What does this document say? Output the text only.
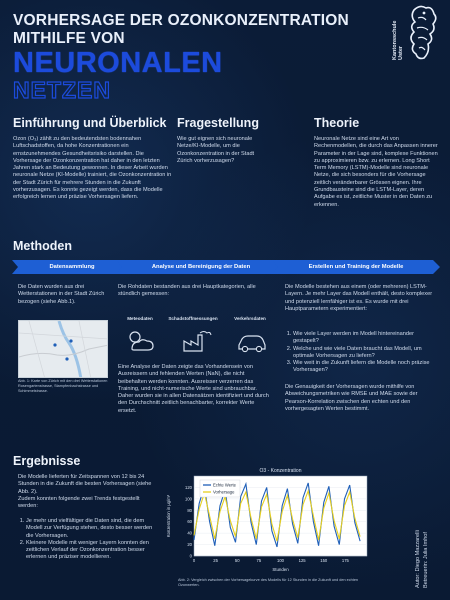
VORHERSAGE DER OZONKONZENTRATION
MITHILFE VON
NEURONALEN
NETZEN
Kantonsschule Uster
Einführung und Überblick
Ozon (O₃) zählt zu den bedeutendsten bodennahen Luftschadstoffen, da hohe Konzentrationen ein ernstzunehmendes Gesundheitsrisiko darstellen. Die Vorhersage der Ozonkonzentration hat daher in den letzten Jahren stark an Bedeutung gewonnen. In dieser Arbeit wurden neuronale Netze (KI-Modelle) trainiert, die Ozonkonzentration in der Stadt Zürich für mehrere Stunden in die Zukunft vorherzusagen. Es konnte gezeigt werden, dass die Modelle erfolgreich lernen und präzise Vorhersagen liefern.
Fragestellung
Wie gut eignen sich neuronale Netze/KI-Modelle, um die Ozonkonzentration in der Stadt Zürich vorherzusagen?
Theorie
Neuronale Netze sind eine Art von Rechenmodellen, die durch das Anpassen innerer Parameter in der Lage sind, komplexe Funktionen zu approximieren bzw. zu erlernen. Long Short Term Memory (LSTM)-Modelle sind neuronale Netze, die sich besonders für die Vorhersage zeitlich veränderbarer Grössen eignen. Ihre Grundbausteine sind die LSTM-Layer, deren Aufgabe es ist, zeitliche Muster in den Daten zu erkennen.
Methoden
Datensammlung	Analyse und Bereinigung der Daten	Erstellen und Training der Modelle
Die Daten wurden aus drei Wetterstationen in der Stadt Zürich bezogen (siehe Abb.1).
Abb. 1: Karte von Zürich mit den drei Wetterstationen Rosengartenstrasse, Stampfenbachstrasse und Schimmelstrasse.
Die Rohdaten bestanden aus drei Hauptkategorien, alle stündlich gemessen:
Meteodaten	Schadstoffmessungen	Verkehrsdaten
Eine Analyse der Daten zeigte das Vorhandensein von Ausreissern und fehlenden Werten (NaN), die nicht beibehalten werden konnten. Ausreisser verzerren das Training, und nicht-numerische Werte sind unbrauchbar. Daher wurden sie in allen Datensätzen identifiziert und durch den Durchschnitt zeitlich benachbarter, korrekter Werte ersetzt.
Die Modelle bestehen aus einem (oder mehreren) LSTM-Layern. Je mehr Layer das Modell enthält, desto komplexer und potenziell lernfähiger ist es. Es wurde mit drei Hauptparametern experimentiert:
1. Wie viele Layer werden im Modell hintereinander gestapelt?
2. Welche und wie viele Daten braucht das Modell, um optimale Vorhersagen zu liefern?
3. Wie weit in die Zukunft liefern die Modelle noch präzise Vorhersagen?
Die Genauigkeit der Vorhersagen wurde mithilfe von Abweichungsmetriken wie RMSE und MAE sowie der Pearson-Korrelation zwischen den echten und den vorhergesagten Werten bestimmt.
Ergebnisse
Die Modelle lieferten für Zeitspannen von 12 bis 24 Stunden in die Zukunft die besten Vorhersagen (siehe Abb. 2).
Zudem konnten folgende zwei Trends festgestellt werden:
1. Je mehr und vielfältiger die Daten sind, die dem Modell zur Verfügung stehen, desto besser werden die Vorhersagen.
2. Kleinere Modelle mit weniger Layern konnten den zeitlichen Verlauf der Ozonkonzentration besser erlernen und präziser modellieren.	0
20
40
60
80
100
120
0	25	50	75	100	125	150	175
O3 - Konzentration
Stunden
Konzentration in µg/m³
Echte Werte
Vorhersage
Abb. 2: Vergleich zwischen der Vorhersagekurve des Modells für 12 Stunden in die Zukunft und den echten Ozonwerten.	Autor: Diego Mazzarelli Betreuerin: Julia Imhof
